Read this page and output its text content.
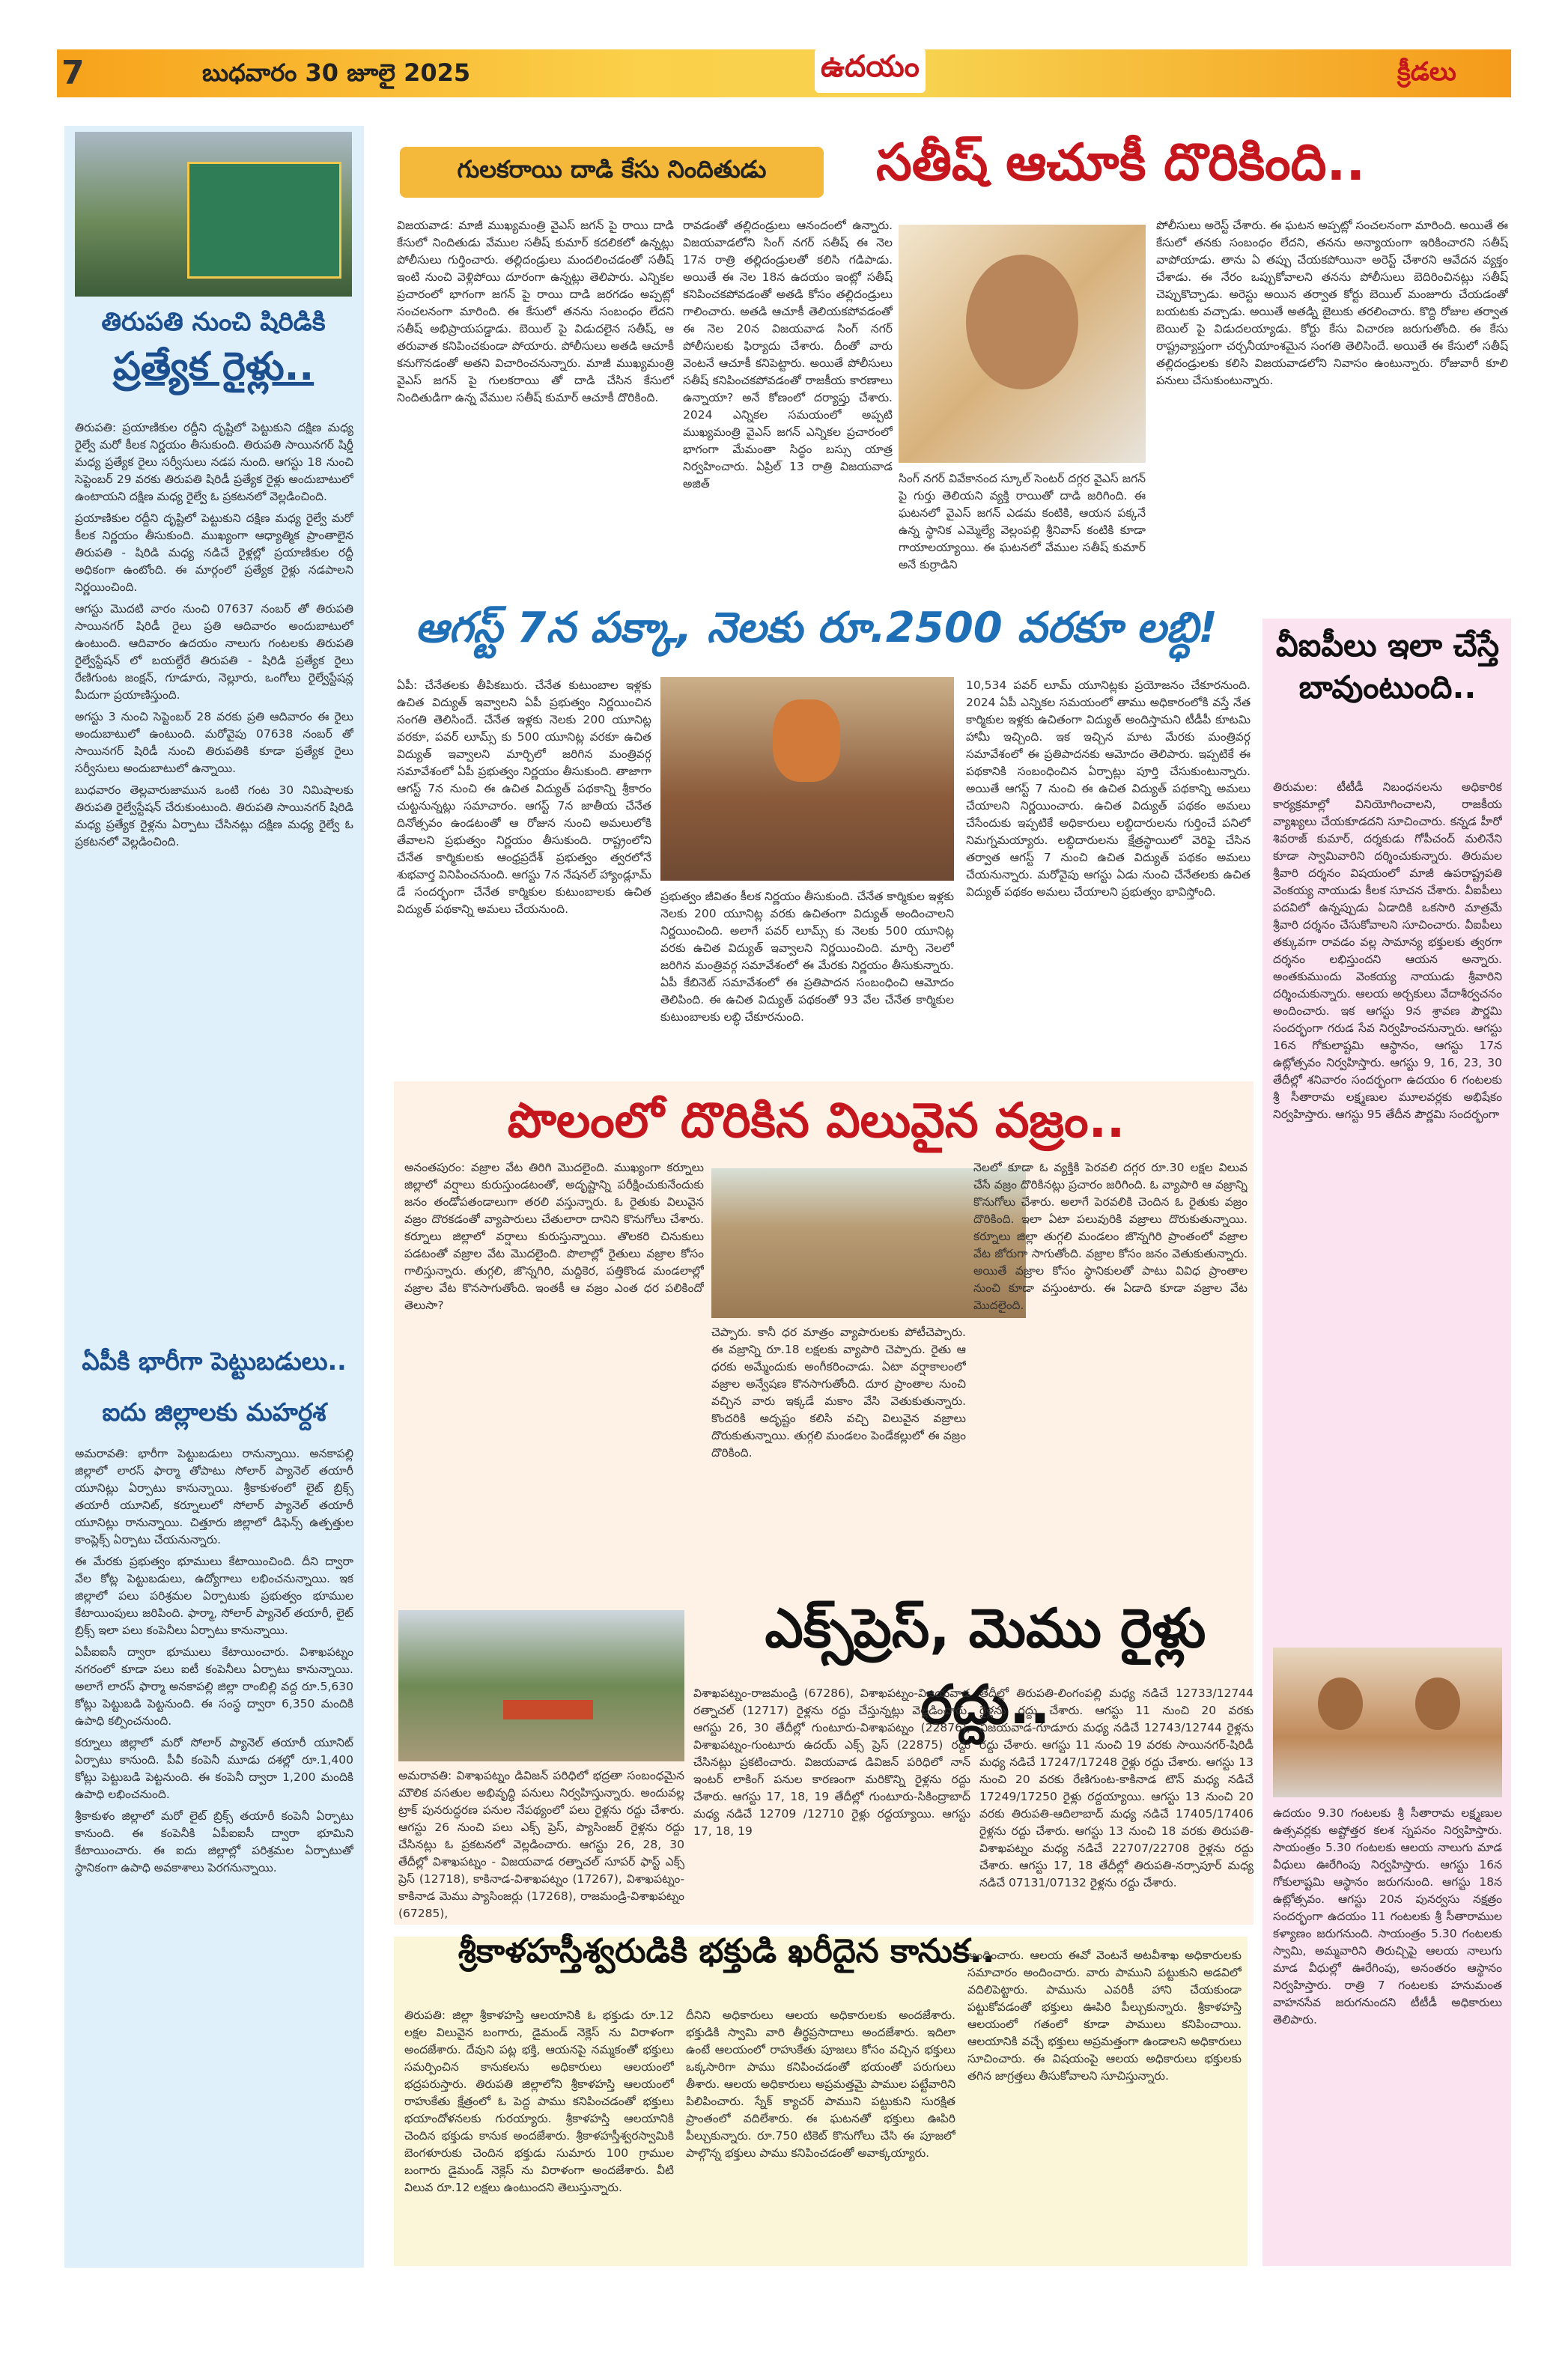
7	బుధవారం 30 జూలై 2025	ఉదయం	క్రీడలు
తిరుపతి నుంచి షిరిడికి
ప్రత్యేక రైళ్లు..

తిరుపతి: ప్రయాణికుల రద్దీని దృష్టిలో పెట్టుకుని దక్షిణ మధ్య రైల్వే మరో కీలక నిర్ణయం తీసుకుంది. తిరుపతి సాయినగర్ షిర్డీ మధ్య ప్రత్యేక రైలు సర్వీసులు నడప నుంది. ఆగస్టు 18 నుంచి సెప్టెంబర్ 29 వరకు తిరుపతి షిరిడీ ప్రత్యేక రైళ్లు అందుబాటులో ఉంటాయని దక్షిణ మధ్య రైల్వే ఓ ప్రకటనలో వెల్లడించింది.

ప్రయాణికుల రద్దీని దృష్టిలో పెట్టుకుని దక్షిణ మధ్య రైల్వే మరో కీలక నిర్ణయం తీసుకుంది. ముఖ్యంగా ఆధ్యాత్మిక ప్రాంతాలైన తిరుపతి - షిరిడి మధ్య నడిచే రైళ్లల్లో ప్రయాణికుల రద్దీ అధికంగా ఉంటోంది. ఈ మార్గంలో ప్రత్యేక రైళ్లు నడపాలని నిర్ణయించింది.

ఆగస్టు మొదటి వారం నుంచి 07637 నంబర్ తో తిరుపతి సాయినగర్ షిరిడీ రైలు ప్రతి ఆదివారం అందుబాటులో ఉంటుంది. ఆదివారం ఉదయం నాలుగు గంటలకు తిరుపతి రైల్వేస్టేషన్ లో బయల్దేరే తిరుపతి - షిరిడి ప్రత్యేక రైలు రేణిగుంట జంక్షన్, గూడూరు, నెల్లూరు, ఒంగోలు రైల్వేస్టేషన్ల మీదుగా ప్రయాణిస్తుంది.

అగస్టు 3 నుంచి సెప్టెంబర్ 28 వరకు ప్రతి ఆదివారం ఈ రైలు అందుబాటులో ఉంటుంది. మరోవైపు 07638 నంబర్ తో సాయినగర్ షిరిడీ నుంచి తిరుపతికి కూడా ప్రత్యేక రైలు సర్వీసులు అందుబాటులో ఉన్నాయి.

బుధవారం తెల్లవారుజామున ఒంటి గంట 30 నిమిషాలకు తిరుపతి రైల్వేస్టేషన్ చేరుకుంటుంది. తిరుపతి సాయినగర్ షిరిడి మధ్య ప్రత్యేక రైళ్లను ఏర్పాటు చేసినట్లు దక్షిణ మధ్య రైల్వే ఓ ప్రకటనలో వెల్లడించింది.

ఏపీకి భారీగా పెట్టుబడులు..
ఐదు జిల్లాలకు మహర్దశ

అమరావతి: భారీగా పెట్టుబడులు రానున్నాయి. అనకాపల్లి జిల్లాలో లారస్ ఫార్మా తోపాటు సోలార్ ప్యానెల్ తయారీ యూనిట్లు ఏర్పాటు కానున్నాయి. శ్రీకాకుళంలో లైట్ బ్రిక్స్ తయారీ యూనిట్, కర్నూలులో సోలార్ ప్యానెల్ తయారీ యూనిట్లు రానున్నాయి. చిత్తూరు జిల్లాలో డిఫెన్స్ ఉత్పత్తుల కాంప్లెక్స్ ఏర్పాటు చేయనున్నారు.

ఈ మేరకు ప్రభుత్వం భూములు కేటాయించింది. దీని ద్వారా వేల కోట్ల పెట్టుబడులు, ఉద్యోగాలు లభించనున్నాయి. ఇక జిల్లాలో పలు పరిశ్రమల ఏర్పాటుకు ప్రభుత్వం భూముల కేటాయింపులు జరిపింది. ఫార్మా, సోలార్ ప్యానెల్ తయారీ, లైట్ బ్రిక్స్ ఇలా పలు కంపెనీలు ఏర్పాటు కానున్నాయి.

ఏపీఐఐసీ ద్వారా భూములు కేటాయించారు. విశాఖపట్నం నగరంలో కూడా పలు ఐటీ కంపెనీలు ఏర్పాటు కానున్నాయి. అలాగే లారస్ ఫార్మా అనకాపల్లి జిల్లా రాంబిల్లి వద్ద రూ.5,630 కోట్లు పెట్టుబడి పెట్టనుంది. ఈ సంస్థ ద్వారా 6,350 మందికి ఉపాధి కల్పించనుంది.

కర్నూలు జిల్లాలో మరో సోలార్ ప్యానెల్ తయారీ యూనిట్ ఏర్పాటు కానుంది. పీవీ కంపెనీ మూడు దశల్లో రూ.1,400 కోట్లు పెట్టుబడి పెట్టనుంది. ఈ కంపెనీ ద్వారా 1,200 మందికి ఉపాధి లభించనుంది.

శ్రీకాకుళం జిల్లాలో మరో లైట్ బ్రిక్స్ తయారీ కంపెనీ ఏర్పాటు కానుంది. ఈ కంపెనీకి ఏపీఐఐసీ ద్వారా భూమిని కేటాయించారు. ఈ ఐదు జిల్లాల్లో పరిశ్రమల ఏర్పాటుతో స్థానికంగా ఉపాధి అవకాశాలు పెరగనున్నాయి.

గులకరాయి దాడి కేసు నిందితుడు	సతీష్ ఆచూకీ దొరికింది..
విజయవాడ: మాజీ ముఖ్యమంత్రి వైఎస్ జగన్ పై రాయి దాడి కేసులో నిందితుడు వేముల సతీష్ కుమార్ కదలికలో ఉన్నట్లు పోలీసులు గుర్తించారు. తల్లిదండ్రులు మందలించడంతో సతీష్ ఇంటి నుంచి వెళ్లిపోయి దూరంగా ఉన్నట్లు తెలిపారు. ఎన్నికల ప్రచారంలో భాగంగా జగన్ పై రాయి దాడి జరగడం అప్పట్లో సంచలనంగా మారింది. ఈ కేసులో తనను సంబంధం లేదని సతీష్ అభిప్రాయపడ్డాడు. బెయిల్ పై విడుదలైన సతీష్, ఆ తరువాత కనిపించకుండా పోయారు. పోలీసులు అతడి ఆచూకీ కనుగొనడంతో అతని విచారించనున్నారు. మాజీ ముఖ్యమంత్రి వైఎస్ జగన్ పై గులకరాయి తో దాడి చేసిన కేసులో నిందితుడిగా ఉన్న వేముల సతీష్ కుమార్ ఆచూకీ దొరికింది.
రావడంతో తల్లిదండ్రులు ఆనందంలో ఉన్నారు. విజయవాడలోని సింగ్ నగర్ సతీష్ ఈ నెల 17న రాత్రి తల్లిదండ్రులతో కలిసి గడిపాడు. అయితే ఈ నెల 18న ఉదయం ఇంట్లో సతీష్ కనిపించకపోవడంతో అతడి కోసం తల్లిదండ్రులు గాలించారు. అతడి ఆచూకీ తెలియకపోవడంతో ఈ నెల 20న విజయవాడ సింగ్ నగర్ పోలీసులకు ఫిర్యాదు చేశారు. దీంతో వారు వెంటనే ఆచూకీ కనిపెట్టారు. అయితే పోలీసులు సతీష్ కనిపించకపోవడంతో రాజకీయ కారణాలు ఉన్నాయా? అనే కోణంలో దర్యాప్తు చేశారు. 2024 ఎన్నికల సమయంలో అప్పటి ముఖ్యమంత్రి వైఎస్ జగన్ ఎన్నికల ప్రచారంలో భాగంగా మేమంతా సిద్ధం బస్సు యాత్ర నిర్వహించారు. ఏప్రిల్ 13 రాత్రి విజయవాడ అజిత్	సింగ్ నగర్ వివేకానంద స్కూల్ సెంటర్ దగ్గర వైఎస్ జగన్ పై గుర్తు తెలియని వ్యక్తి రాయితో దాడి జరిగింది. ఈ ఘటనలో వైఎస్ జగన్ ఎడమ కంటికి, ఆయన పక్కనే ఉన్న స్థానిక ఎమ్మెల్యే వెల్లంపల్లి శ్రీనివాస్ కంటికి కూడా గాయాలయ్యాయి. ఈ ఘటనలో వేముల సతీష్ కుమార్ అనే కుర్రాడిని
పోలీసులు అరెస్ట్ చేశారు. ఈ ఘటన అప్పట్లో సంచలనంగా మారింది. అయితే ఈ కేసులో తనకు సంబంధం లేదని, తనను అన్యాయంగా ఇరికించారని సతీష్ వాపోయాడు. తాను ఏ తప్పు చేయకపోయినా అరెస్ట్ చేశారని ఆవేదన వ్యక్తం చేశాడు. ఈ నేరం ఒప్పుకోవాలని తనను పోలీసులు బెదిరించినట్లు సతీష్ చెప్పుకొచ్చాడు. అరెస్టు అయిన తర్వాత కోర్టు బెయిల్ మంజూరు చేయడంతో బయటకు వచ్చాడు. అయితే అతడ్ని జైలుకు తరలించారు. కొద్ది రోజుల తర్వాత బెయిల్ పై విడుదలయ్యాడు. కోర్టు కేసు విచారణ జరుగుతోంది. ఈ కేసు రాష్ట్రవ్యాప్తంగా చర్చనీయాంశమైన సంగతి తెలిసిందే. అయితే ఈ కేసులో సతీష్ తల్లిదండ్రులకు కలిసి విజయవాడలోని నివాసం ఉంటున్నారు. రోజువారీ కూలి పనులు చేసుకుంటున్నారు.
ఆగస్ట్ 7న పక్కా, నెలకు రూ.2500 వరకూ లబ్ధి!
ఏపీ: చేనేతలకు తీపికబురు. చేనేత కుటుంబాల ఇళ్లకు ఉచిత విద్యుత్ ఇవ్వాలని ఏపీ ప్రభుత్వం నిర్ణయించిన సంగతి తెలిసిందే. చేనేత ఇళ్లకు నెలకు 200 యూనిట్ల వరకూ, పవర్ లూమ్స్ కు 500 యూనిట్ల వరకూ ఉచిత విద్యుత్ ఇవ్వాలని మార్చిలో జరిగిన మంత్రివర్గ సమావేశంలో ఏపీ ప్రభుత్వం నిర్ణయం తీసుకుంది. తాజాగా ఆగస్ట్ 7న నుంచి ఈ ఉచిత విద్యుత్ పథకాన్ని శ్రీకారం చుట్టనున్నట్లు సమాచారం. ఆగస్ట్ 7న జాతీయ చేనేత దినోత్సవం ఉండటంతో ఆ రోజున నుంచి అమలులోకి తేవాలని ప్రభుత్వం నిర్ణయం తీసుకుంది. రాష్ట్రంలోని చేనేత కార్మికులకు ఆంధ్రప్రదేశ్ ప్రభుత్వం త్వరలోనే శుభవార్త వినిపించనుంది. ఆగస్టు 7న నేషనల్ హ్యాండ్లూమ్ డే సందర్భంగా చేనేత కార్మికుల కుటుంబాలకు ఉచిత విద్యుత్ పథకాన్ని అమలు చేయనుంది.
ప్రభుత్వం జీవితం కీలక నిర్ణయం తీసుకుంది. చేనేత కార్మికుల ఇళ్లకు నెలకు 200 యూనిట్ల వరకు ఉచితంగా విద్యుత్ అందించాలని నిర్ణయించింది. అలాగే పవర్ లూమ్స్ కు నెలకు 500 యూనిట్ల వరకు ఉచిత విద్యుత్ ఇవ్వాలని నిర్ణయించింది. మార్చి నెలలో జరిగిన మంత్రివర్గ సమావేశంలో ఈ మేరకు నిర్ణయం తీసుకున్నారు. ఏపీ కేబినెట్ సమావేశంలో ఈ ప్రతిపాదన సంబంధించి ఆమోదం తెలిపింది. ఈ ఉచిత విద్యుత్ పథకంతో 93 వేల చేనేత కార్మికుల కుటుంబాలకు లబ్ధి చేకూరనుంది.
10,534 పవర్ లూమ్ యూనిట్లకు ప్రయోజనం చేకూరనుంది. 2024 ఏపీ ఎన్నికల సమయంలో తాము అధికారంలోకి వస్తే నేత కార్మికుల ఇళ్లకు ఉచితంగా విద్యుత్ అందిస్తామని టీడీపీ కూటమి హామీ ఇచ్చింది. ఇక ఇచ్చిన మాట మేరకు మంత్రివర్గ సమావేశంలో ఈ ప్రతిపాదనకు ఆమోదం తెలిపారు. ఇప్పటికే ఈ పథకానికి సంబంధించిన ఏర్పాట్లు పూర్తి చేసుకుంటున్నారు. అయితే ఆగస్ట్ 7 నుంచి ఈ ఉచిత విద్యుత్ పథకాన్ని అమలు చేయాలని నిర్ణయించారు. ఉచిత విద్యుత్ పథకం అమలు చేసేందుకు ఇప్పటికే అధికారులు లబ్ధిదారులను గుర్తించే పనిలో నిమగ్నమయ్యారు. లబ్ధిదారులను క్షేత్రస్థాయిలో వెరిఫై చేసిన తర్వాత ఆగస్ట్ 7 నుంచి ఉచిత విద్యుత్ పథకం అమలు చేయనున్నారు. మరోవైపు ఆగస్టు ఏడు నుంచి చేనేతలకు ఉచిత విద్యుత్ పథకం అమలు చేయాలని ప్రభుత్వం భావిస్తోంది.
వీఐపీలు ఇలా చేస్తే బావుంటుంది..
తిరుమల: టీటీడీ నిబంధనలను అధికారిక కార్యక్రమాల్లో వినియోగించాలని, రాజకీయ వ్యాఖ్యలు చేయకూడదని సూచించారు. కన్నడ హీరో శివరాజ్ కుమార్, దర్శకుడు గోపీచంద్ మలినేని కూడా స్వామివారిని దర్శించుకున్నారు. తిరుమల శ్రీవారి దర్శనం విషయంలో మాజీ ఉపరాష్ట్రపతి వెంకయ్య నాయుడు కీలక సూచన చేశారు. వీఐపీలు పదవిలో ఉన్నప్పుడు ఏడాదికి ఒకసారి మాత్రమే శ్రీవారి దర్శనం చేసుకోవాలని సూచించారు. వీఐపీలు తక్కువగా రావడం వల్ల సామాన్య భక్తులకు త్వరగా దర్శనం లభిస్తుందని ఆయన అన్నారు. అంతకుముందు వెంకయ్య నాయుడు శ్రీవారిని దర్శించుకున్నారు. ఆలయ అర్చకులు వేదాశీర్వచనం అందించారు. ఇక ఆగస్టు 9న శ్రావణ పౌర్ణమి సందర్భంగా గరుడ సేవ నిర్వహించనున్నారు. ఆగస్టు 16న గోకులాష్టమి ఆస్థానం, ఆగస్టు 17న ఉట్లోత్సవం నిర్వహిస్తారు. ఆగస్టు 9, 16, 23, 30 తేదీల్లో శనివారం సందర్భంగా ఉదయం 6 గంటలకు శ్రీ సీతారామ లక్ష్మణుల మూలవర్లకు అభిషేకం నిర్వహిస్తారు. ఆగస్టు 95 తేదీన పౌర్ణమి సందర్భంగా
ఉదయం 9.30 గంటలకు శ్రీ సీతారామ లక్ష్మణుల ఉత్సవర్లకు అష్టోత్తర కలశ స్నపనం నిర్వహిస్తారు. సాయంత్రం 5.30 గంటలకు ఆలయ నాలుగు మాడ వీధులు ఊరేగింపు నిర్వహిస్తారు. ఆగస్టు 16న గోకులాష్టమి ఆస్థానం జరుగనుంది. ఆగస్టు 18న ఉట్లోత్సవం. ఆగస్టు 20న పునర్వసు నక్షత్రం సందర్భంగా ఉదయం 11 గంటలకు శ్రీ సీతారాముల కళ్యాణం జరుగనుంది. సాయంత్రం 5.30 గంటలకు స్వామి, అమ్మవారిని తిరుచ్చిపై ఆలయ నాలుగు మాడ వీధుల్లో ఊరేగింపు, అనంతరం ఆస్థానం నిర్వహిస్తారు. రాత్రి 7 గంటలకు హనుమంత వాహనసేవ జరుగనుందని టీటీడీ అధికారులు తెలిపారు.
పొలంలో దొరికిన విలువైన వజ్రం..
అనంతపురం: వజ్రాల వేట తిరిగి మొదలైంది. ముఖ్యంగా కర్నూలు జిల్లాలో వర్షాలు కురుస్తుండటంతో, అదృష్టాన్ని పరీక్షించుకునేందుకు జనం తండోపతండాలుగా తరలి వస్తున్నారు. ఓ రైతుకు విలువైన వజ్రం దొరకడంతో వ్యాపారులు చేతులారా దానిని కొనుగోలు చేశారు. కర్నూలు జిల్లాలో వర్షాలు కురుస్తున్నాయి. తొలకరి చినుకులు పడటంతో వజ్రాల వేట మొదలైంది. పొలాల్లో రైతులు వజ్రాల కోసం గాలిస్తున్నారు. తుగ్గలి, జొన్నగిరి, మద్దికెర, పత్తికొండ మండలాల్లో వజ్రాల వేట కొనసాగుతోంది. ఇంతకీ ఆ వజ్రం ఎంత ధర పలికిందో తెలుసా?
చెప్పారు. కానీ ధర మాత్రం వ్యాపారులకు పోటీచెప్పారు. ఈ వజ్రాన్ని రూ.18 లక్షలకు వ్యాపారి చెప్పారు. రైతు ఆ ధరకు అమ్మేందుకు అంగీకరించాడు. ఏటా వర్షాకాలంలో వజ్రాల అన్వేషణ కొనసాగుతోంది. దూర ప్రాంతాల నుంచి వచ్చిన వారు ఇక్కడే మకాం వేసి వెతుకుతున్నారు. కొందరికి అదృష్టం కలిసి వచ్చి విలువైన వజ్రాలు దొరుకుతున్నాయి. తుగ్గలి మండలం పెండేకల్లులో ఈ వజ్రం దొరికింది.
నెలలో కూడా ఓ వ్యక్తికి పెరవలి దగ్గర రూ.30 లక్షల విలువ చేసే వజ్రం దొరికినట్లు ప్రచారం జరిగింది. ఓ వ్యాపారి ఆ వజ్రాన్ని కొనుగోలు చేశారు. అలాగే పెరవలికి చెందిన ఓ రైతుకు వజ్రం దొరికింది. ఇలా ఏటా పలువురికి వజ్రాలు దొరుకుతున్నాయి. కర్నూలు జిల్లా తుగ్గలి మండలం జొన్నగిరి ప్రాంతంలో వజ్రాల వేట జోరుగా సాగుతోంది. వజ్రాల కోసం జనం వెతుకుతున్నారు. అయితే వజ్రాల కోసం స్థానికులతో పాటు వివిధ ప్రాంతాల నుంచి కూడా వస్తుంటారు. ఈ ఏడాది కూడా వజ్రాల వేట మొదలైంది.
ఎక్స్‌ప్రెస్, మెము రైళ్లు రద్దు..
అమరావతి: విశాఖపట్నం డివిజన్ పరిధిలో భద్రతా సంబంధమైన మౌలిక వసతుల అభివృద్ధి పనులు నిర్వహిస్తున్నారు. అందువల్ల ట్రాక్ పునరుద్ధరణ పనుల నేపథ్యంలో పలు రైళ్లను రద్దు చేశారు. ఆగస్టు 26 నుంచి పలు ఎక్స్ ప్రెస్, ప్యాసింజర్ రైళ్లను రద్దు చేసినట్లు ఓ ప్రకటనలో వెల్లడించారు. ఆగస్టు 26, 28, 30 తేదీల్లో విశాఖపట్నం - విజయవాడ రత్నాచల్ సూపర్ ఫాస్ట్ ఎక్స్ ప్రెస్ (12718), కాకినాడ-విశాఖపట్నం (17267), విశాఖపట్నం-కాకినాడ మెము ప్యాసింజర్లు (17268), రాజమండ్రి-విశాఖపట్నం (67285),
విశాఖపట్నం-రాజమండ్రి (67286), విశాఖపట్నం-విజయవాడ రత్నాచల్ (12717) రైళ్లను రద్దు చేస్తున్నట్లు వెల్లడించారు. ఆగస్టు 26, 30 తేదీల్లో గుంటూరు-విశాఖపట్నం (22876), విశాఖపట్నం-గుంటూరు ఉదయ్ ఎక్స్ ప్రెస్ (22875) రద్దు చేసినట్లు ప్రకటించారు. విజయవాడ డివిజన్ పరిధిలో నాన్ ఇంటర్ లాకింగ్ పనుల కారణంగా మరికొన్ని రైళ్లను రద్దు చేశారు. ఆగస్టు 17, 18, 19 తేదీల్లో గుంటూరు-సికింద్రాబాద్ మధ్య నడిచే 12709 /12710 రైళ్లు రద్దయ్యాయి. ఆగస్టు 17, 18, 19
తేదీల్లో తిరుపతి-లింగంపల్లి మధ్య నడిచే 12733/12744 రైళ్లను రద్దు చేశారు. ఆగస్టు 11 నుంచి 20 వరకు విజయవాడ-గూడూరు మధ్య నడిచే 12743/12744 రైళ్లను రద్దు చేశారు. ఆగస్టు 11 నుంచి 19 వరకు సాయినగర్-షిరిడీ మధ్య నడిచే 17247/17248 రైళ్లు రద్దు చేశారు. ఆగస్టు 13 నుంచి 20 వరకు రేణిగుంట-కాకినాడ టౌన్ మధ్య నడిచే 17249/17250 రైళ్లు రద్దయ్యాయి. ఆగస్టు 13 నుంచి 20 వరకు తిరుపతి-ఆదిలాబాద్ మధ్య నడిచే 17405/17406 రైళ్లను రద్దు చేశారు. ఆగస్టు 13 నుంచి 18 వరకు తిరుపతి-విశాఖపట్నం మధ్య నడిచే 22707/22708 రైళ్లను రద్దు చేశారు. ఆగస్టు 17, 18 తేదీల్లో తిరుపతి-నర్సాపూర్ మధ్య నడిచే 07131/07132 రైళ్లను రద్దు చేశారు.
శ్రీకాళహస్తీశ్వరుడికి భక్తుడి ఖరీదైన కానుక..
తిరుపతి: జిల్లా శ్రీకాళహస్తి ఆలయానికి ఓ భక్తుడు రూ.12 లక్షల విలువైన బంగారు, డైమండ్ నెక్లెస్ ను విరాళంగా అందజేశారు. దేవుని పట్ల భక్తి, ఆయనపై నమ్మకంతో భక్తులు సమర్పించిన కానుకలను అధికారులు ఆలయంలో భద్రపరుస్తారు. తిరుపతి జిల్లాలోని శ్రీకాళహస్తి ఆలయంలో రాహుకేతు క్షేత్రంలో ఓ పెద్ద పాము కనిపించడంతో భక్తులు భయాందోళనలకు గురయ్యారు. శ్రీకాళహస్తి ఆలయానికి చెందిన భక్తుడు కానుక అందజేశారు. శ్రీకాళహస్తీశ్వరస్వామికి బెంగళూరుకు చెందిన భక్తుడు సుమారు 100 గ్రాముల బంగారు డైమండ్ నెక్లెస్ ను విరాళంగా అందజేశారు. వీటి విలువ రూ.12 లక్షలు ఉంటుందని తెలుస్తున్నారు.
దీనిని అధికారులు ఆలయ అధికారులకు అందజేశారు. భక్తుడికి స్వామి వారి తీర్థప్రసాదాలు అందజేశారు. ఇదిలా ఉంటే ఆలయంలో రాహుకేతు పూజలు కోసం వచ్చిన భక్తులు ఒక్కసారిగా పాము కనిపించడంతో భయంతో పరుగులు తీశారు. ఆలయ అధికారులు అప్రమత్తమై పాముల పట్టేవారిని పిలిపించారు. స్నేక్ క్యాచర్ పాముని పట్టుకుని సురక్షిత ప్రాంతంలో వదిలేశారు. ఈ ఘటనతో భక్తులు ఊపిరి పీల్చుకున్నారు. రూ.750 టికెట్ కొనుగోలు చేసి ఈ పూజలో పాల్గొన్న భక్తులు పాము కనిపించడంతో అవాక్కయ్యారు.
అందించారు. ఆలయ ఈవో వెంటనే అటవీశాఖ అధికారులకు సమాచారం అందించారు. వారు పాముని పట్టుకుని అడవిలో వదిలిపెట్టారు. పామును ఎవరికీ హాని చేయకుండా పట్టుకోవడంతో భక్తులు ఊపిరి పీల్చుకున్నారు. శ్రీకాళహస్తి ఆలయంలో గతంలో కూడా పాములు కనిపించాయి. ఆలయానికి వచ్చే భక్తులు అప్రమత్తంగా ఉండాలని అధికారులు సూచించారు. ఈ విషయంపై ఆలయ అధికారులు భక్తులకు తగిన జాగ్రత్తలు తీసుకోవాలని సూచిస్తున్నారు.
